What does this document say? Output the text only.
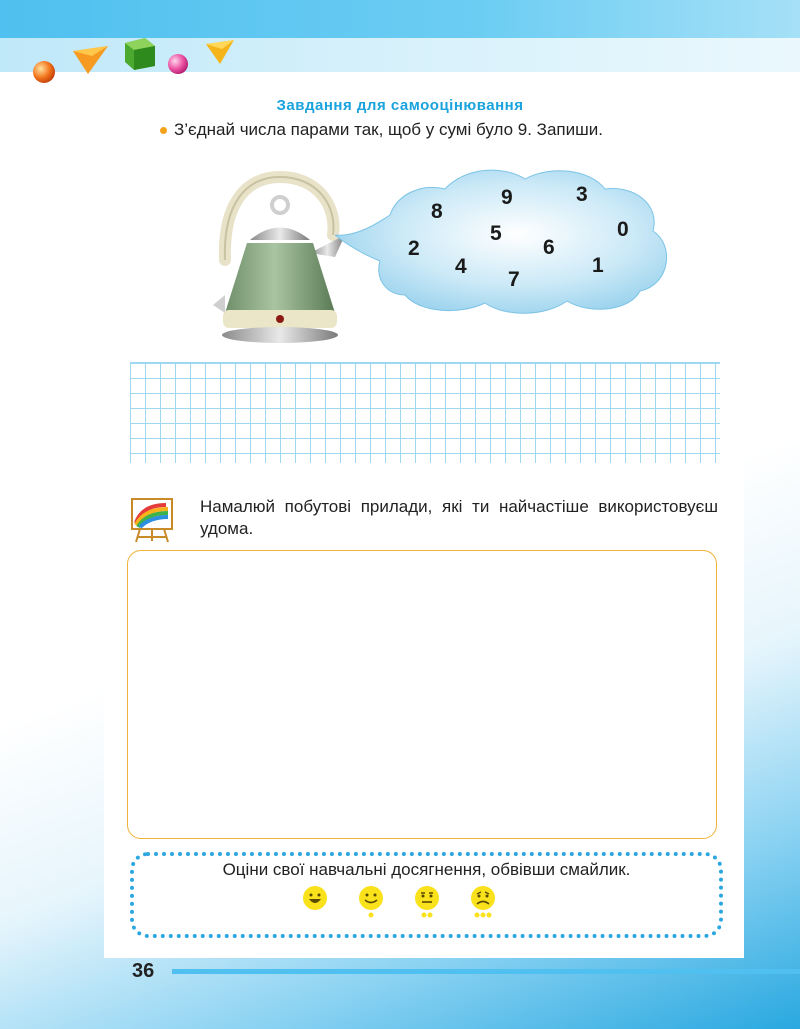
Завдання для самооцінювання
З’єднай числа парами так, щоб у сумі було 9. Запиши.
8
9	3
2
5	0
6
4
7
1
Намалюй побутові прилади, які ти найчастіше використовуєш удома.
Оціни свої навчальні досягнення, обвівши смайлик.
36
